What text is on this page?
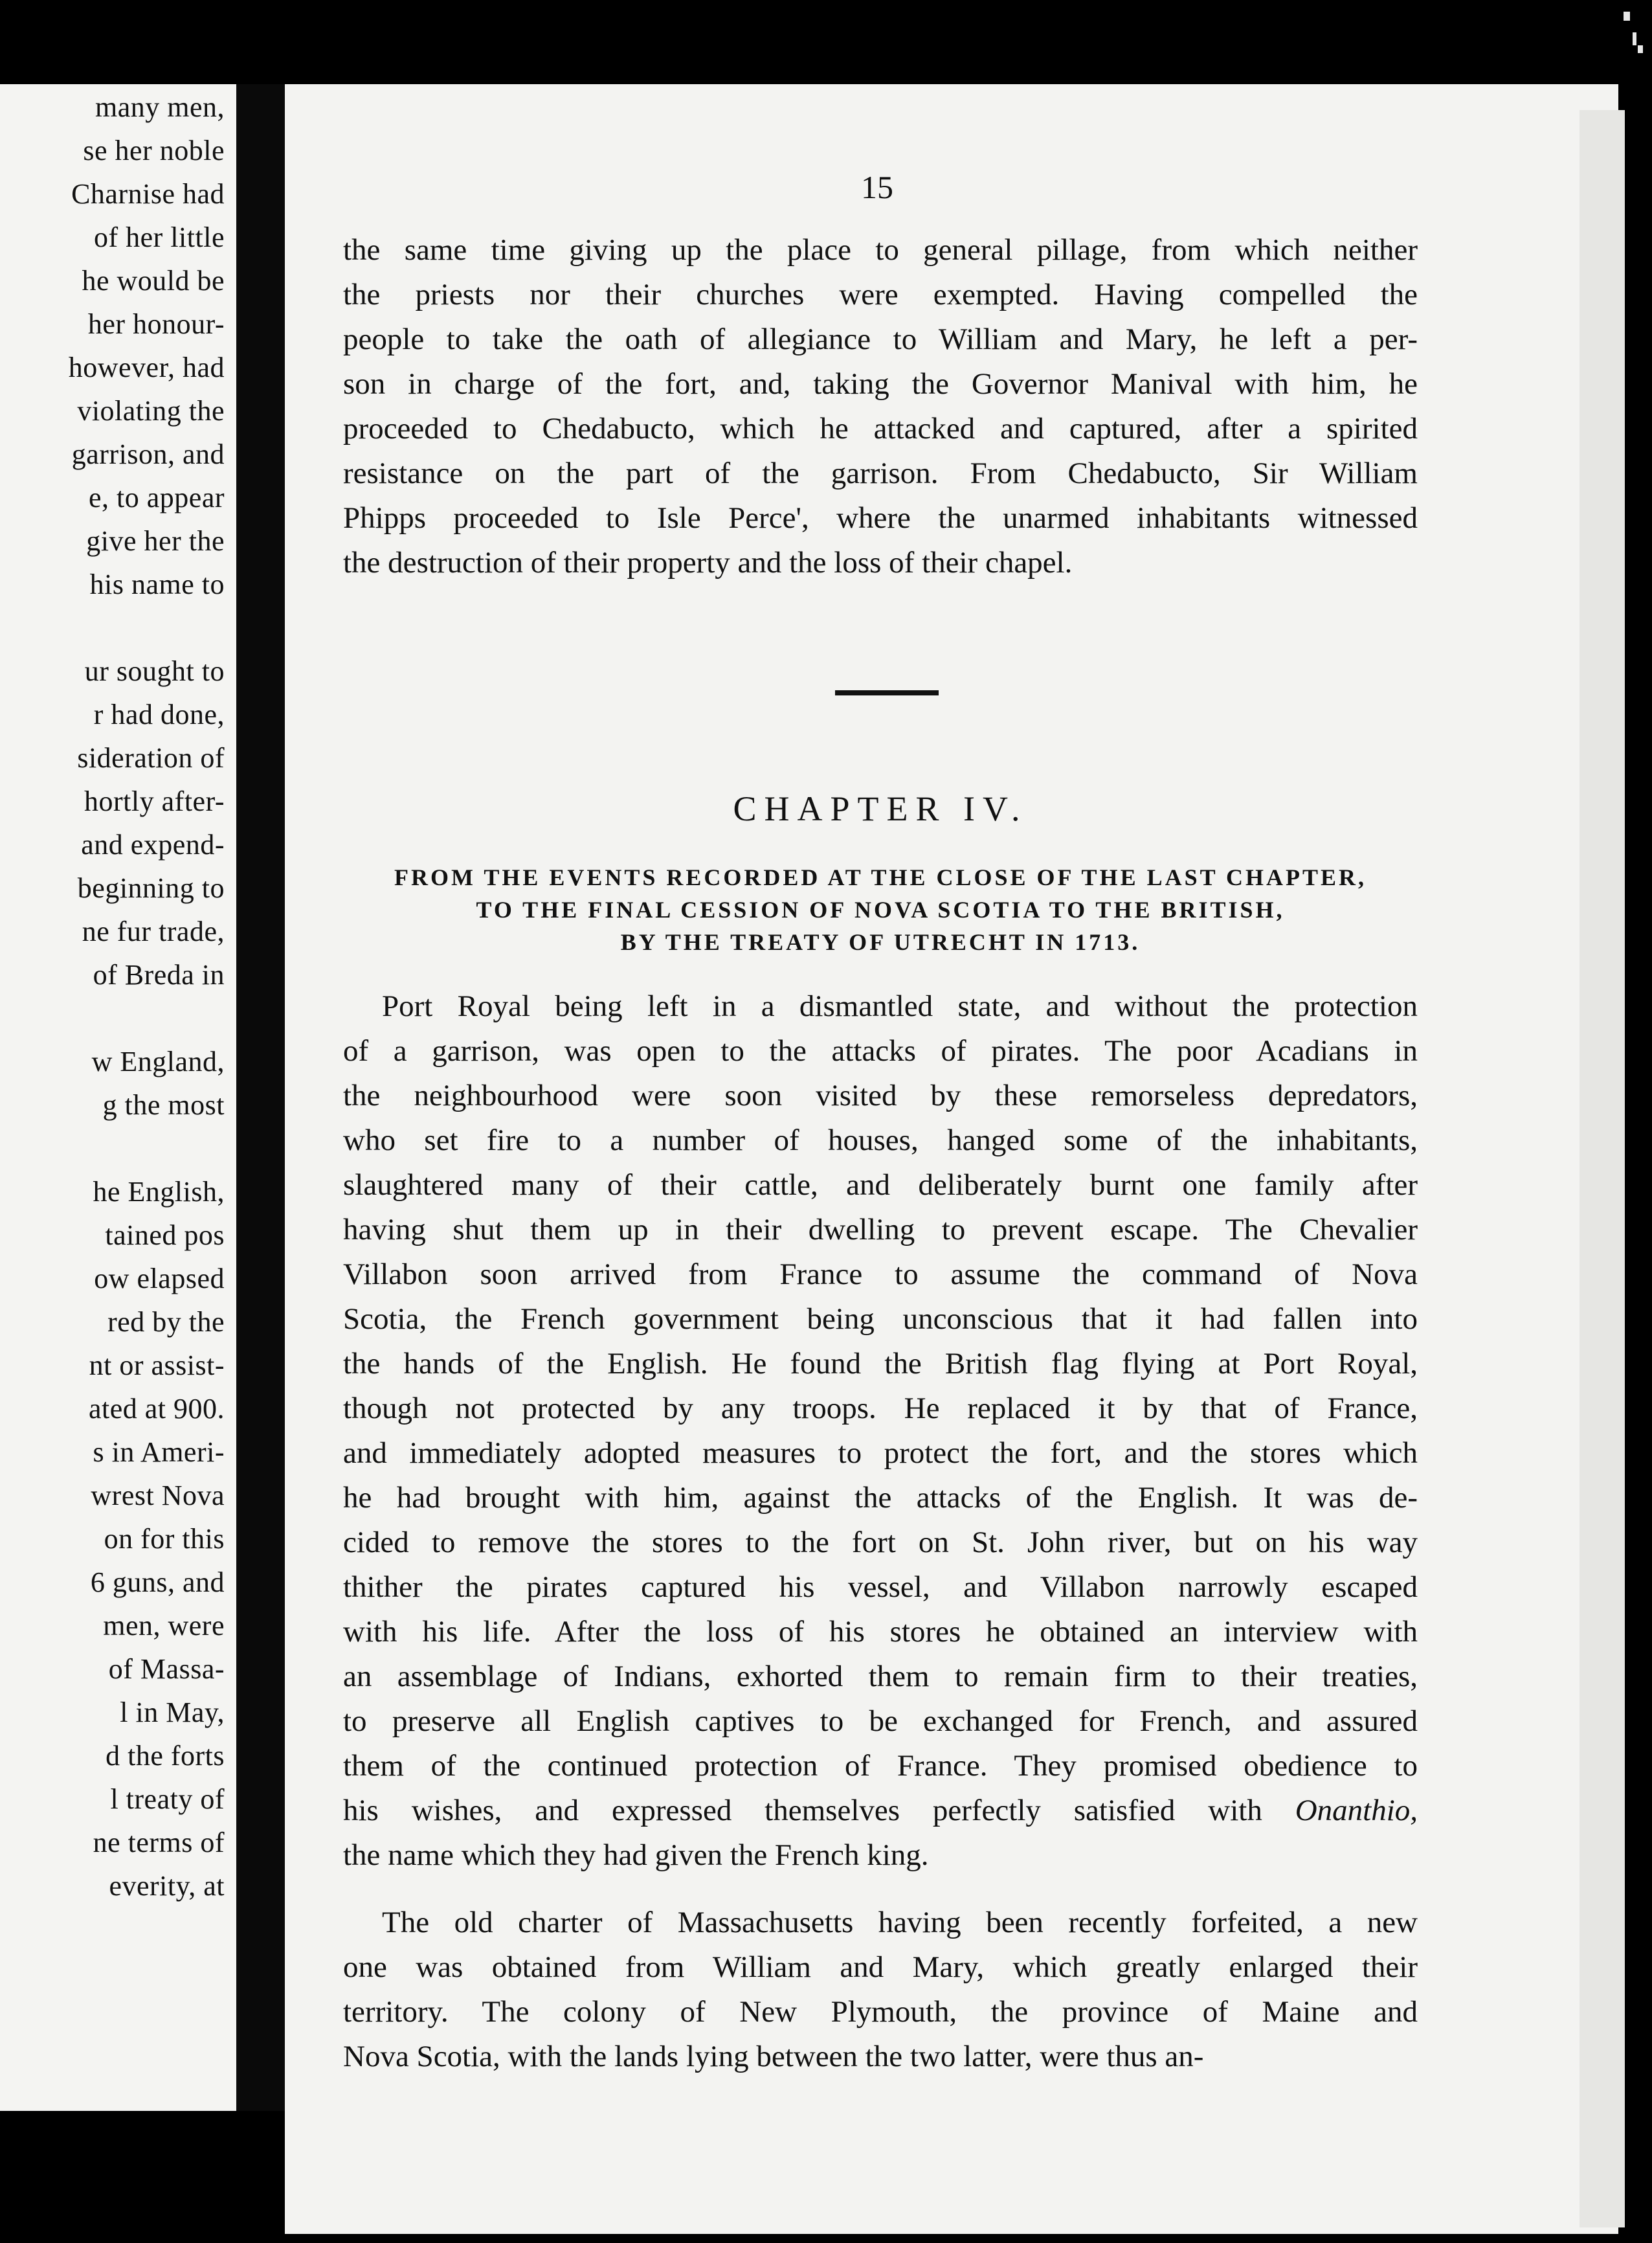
many men,
se her noble
Charnise had
of her little
he would be
her honour-
however, had
violating the
garrison, and
e, to appear
give her the
his name to
ur sought to
r had done,
sideration of
hortly after-
and expend-
beginning to
ne fur trade,
of Breda in
w England,
g the most
he English,
tained pos
ow elapsed
red by the
nt or assist-
ated at 900.
s in Ameri-
wrest Nova
on for this
6 guns, and
men, were
of Massa-
l in May,
d the forts
l treaty of
ne terms of
everity, at
15
the same time giving up the place to general pillage, from which neither
the priests nor their churches were exempted. Having compelled the
people to take the oath of allegiance to William and Mary, he left a per-
son in charge of the fort, and, taking the Governor Manival with him, he
proceeded to Chedabucto, which he attacked and captured, after a spirited
resistance on the part of the garrison. From Chedabucto, Sir William
Phipps proceeded to Isle Perce', where the unarmed inhabitants witnessed
the destruction of their property and the loss of their chapel.
CHAPTER IV.
FROM THE EVENTS RECORDED AT THE CLOSE OF THE LAST CHAPTER,
TO THE FINAL CESSION OF NOVA SCOTIA TO THE BRITISH,
BY THE TREATY OF UTRECHT IN 1713.
Port Royal being left in a dismantled state, and without the protection
of a garrison, was open to the attacks of pirates. The poor Acadians in
the neighbourhood were soon visited by these remorseless depredators,
who set fire to a number of houses, hanged some of the inhabitants,
slaughtered many of their cattle, and deliberately burnt one family after
having shut them up in their dwelling to prevent escape. The Chevalier
Villabon soon arrived from France to assume the command of Nova
Scotia, the French government being unconscious that it had fallen into
the hands of the English. He found the British flag flying at Port Royal,
though not protected by any troops. He replaced it by that of France,
and immediately adopted measures to protect the fort, and the stores which
he had brought with him, against the attacks of the English. It was de-
cided to remove the stores to the fort on St. John river, but on his way
thither the pirates captured his vessel, and Villabon narrowly escaped
with his life. After the loss of his stores he obtained an interview with
an assemblage of Indians, exhorted them to remain firm to their treaties,
to preserve all English captives to be exchanged for French, and assured
them of the continued protection of France. They promised obedience to
his wishes, and expressed themselves perfectly satisfied with Onanthio,
the name which they had given the French king.
The old charter of Massachusetts having been recently forfeited, a new
one was obtained from William and Mary, which greatly enlarged their
territory. The colony of New Plymouth, the province of Maine and
Nova Scotia, with the lands lying between the two latter, were thus an-
